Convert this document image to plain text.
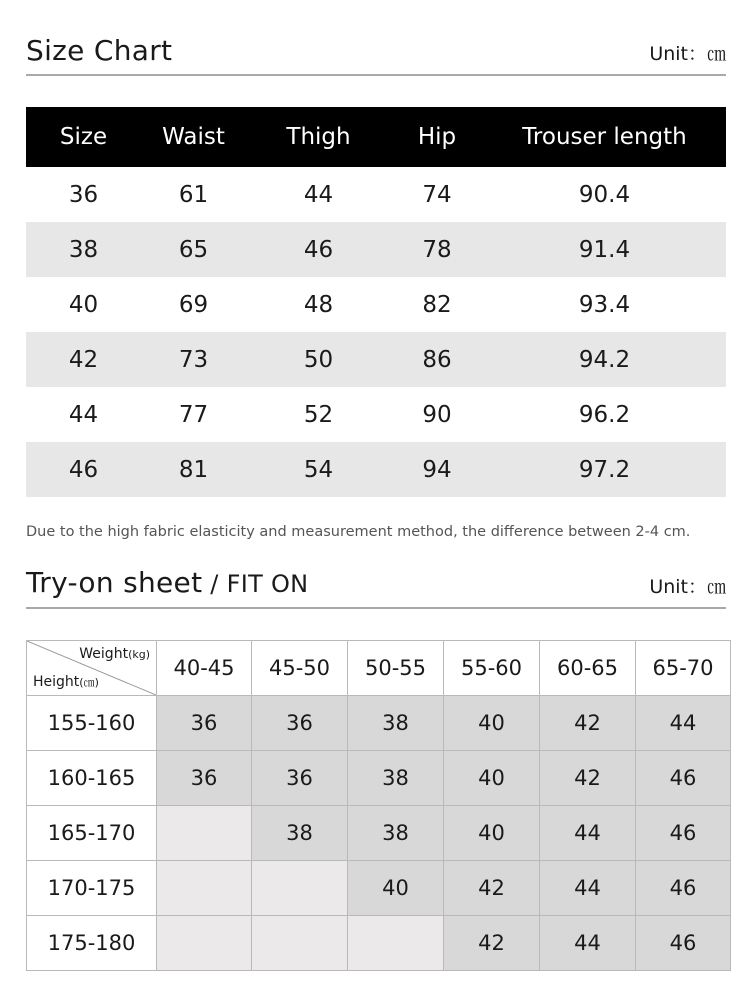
Size Chart	Unit：㎝
Size	Waist	Thigh	Hip	Trouser length
36	61	44	74	90.4
38	65	46	78	91.4
40	69	48	82	93.4
42	73	50	86	94.2
44	77	52	90	96.2
46	81	54	94	97.2
Due to the high fabric elasticity and measurement method, the difference between 2-4 cm.
Try-on sheet / FIT ON	Unit：㎝
Weight(kg)
Height(㎝)	40-45	45-50	50-55	55-60	60-65	65-70
155-160	36	36	38	40	42	44
160-165	36	36	38	40	42	46
165-170		38	38	40	44	46
170-175			40	42	44	46
175-180				42	44	46
